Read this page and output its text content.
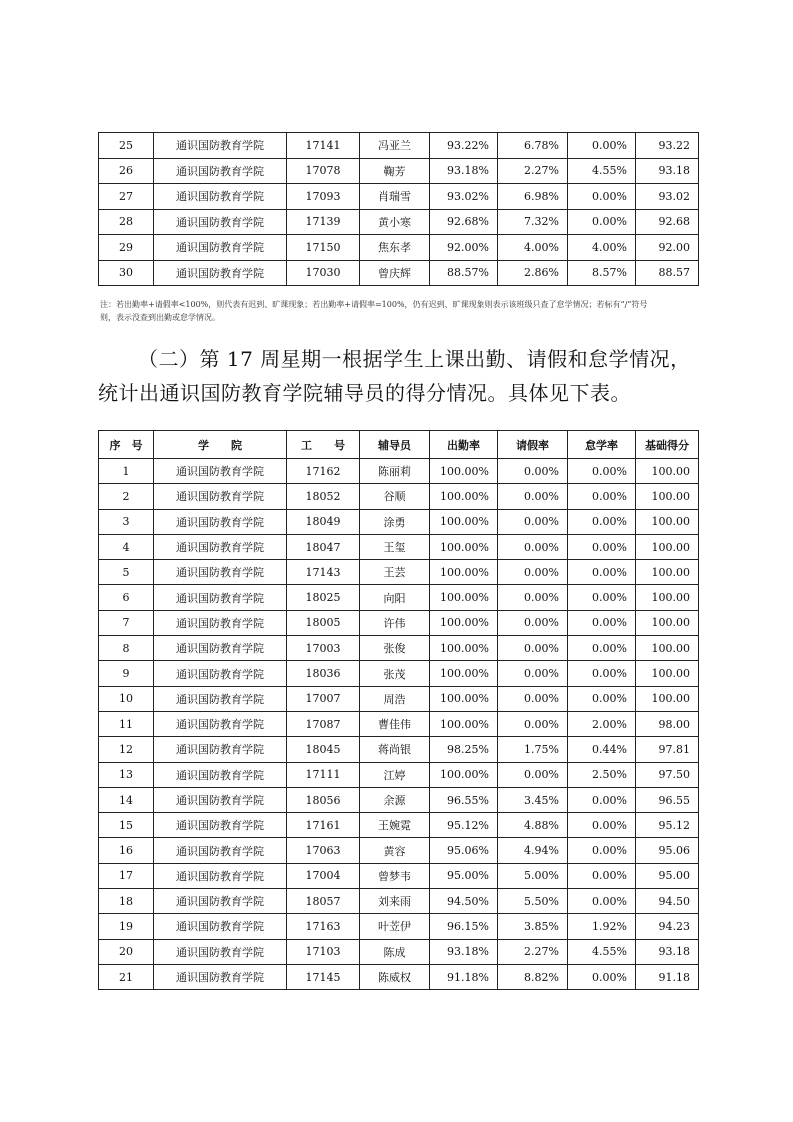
25	通识国防教育学院	17141	冯亚兰	93.22%	6.78%	0.00%	93.22
26	通识国防教育学院	17078	鞠芳	93.18%	2.27%	4.55%	93.18
27	通识国防教育学院	17093	肖瑞雪	93.02%	6.98%	0.00%	93.02
28	通识国防教育学院	17139	黄小寒	92.68%	7.32%	0.00%	92.68
29	通识国防教育学院	17150	焦东孝	92.00%	4.00%	4.00%	92.00
30	通识国防教育学院	17030	曾庆辉	88.57%	2.86%	8.57%	88.57
注：若出勤率+请假率<100%，则代表有迟到、旷课现象；若出勤率+请假率=100%，仍有迟到、旷课现象则表示该班级只查了怠学情况；若标有“/”符号
则，表示没查到出勤或怠学情况。

（二）第 17 周星期一根据学生上课出勤、请假和怠学情况，

统计出通识国防教育学院辅导员的得分情况。具体见下表。

序　号	学　　院	工　　号	辅导员	出勤率	请假率	怠学率	基础得分
1	通识国防教育学院	17162	陈丽莉	100.00%	0.00%	0.00%	100.00
2	通识国防教育学院	18052	谷顺	100.00%	0.00%	0.00%	100.00
3	通识国防教育学院	18049	涂勇	100.00%	0.00%	0.00%	100.00
4	通识国防教育学院	18047	王玺	100.00%	0.00%	0.00%	100.00
5	通识国防教育学院	17143	王芸	100.00%	0.00%	0.00%	100.00
6	通识国防教育学院	18025	向阳	100.00%	0.00%	0.00%	100.00
7	通识国防教育学院	18005	许伟	100.00%	0.00%	0.00%	100.00
8	通识国防教育学院	17003	张俊	100.00%	0.00%	0.00%	100.00
9	通识国防教育学院	18036	张茂	100.00%	0.00%	0.00%	100.00
10	通识国防教育学院	17007	周浩	100.00%	0.00%	0.00%	100.00
11	通识国防教育学院	17087	曹佳伟	100.00%	0.00%	2.00%	98.00
12	通识国防教育学院	18045	蒋尚银	98.25%	1.75%	0.44%	97.81
13	通识国防教育学院	17111	江婷	100.00%	0.00%	2.50%	97.50
14	通识国防教育学院	18056	余源	96.55%	3.45%	0.00%	96.55
15	通识国防教育学院	17161	王婉霓	95.12%	4.88%	0.00%	95.12
16	通识国防教育学院	17063	黄容	95.06%	4.94%	0.00%	95.06
17	通识国防教育学院	17004	曾梦韦	95.00%	5.00%	0.00%	95.00
18	通识国防教育学院	18057	刘来雨	94.50%	5.50%	0.00%	94.50
19	通识国防教育学院	17163	叶苙伊	96.15%	3.85%	1.92%	94.23
20	通识国防教育学院	17103	陈成	93.18%	2.27%	4.55%	93.18
21	通识国防教育学院	17145	陈威权	91.18%	8.82%	0.00%	91.18
